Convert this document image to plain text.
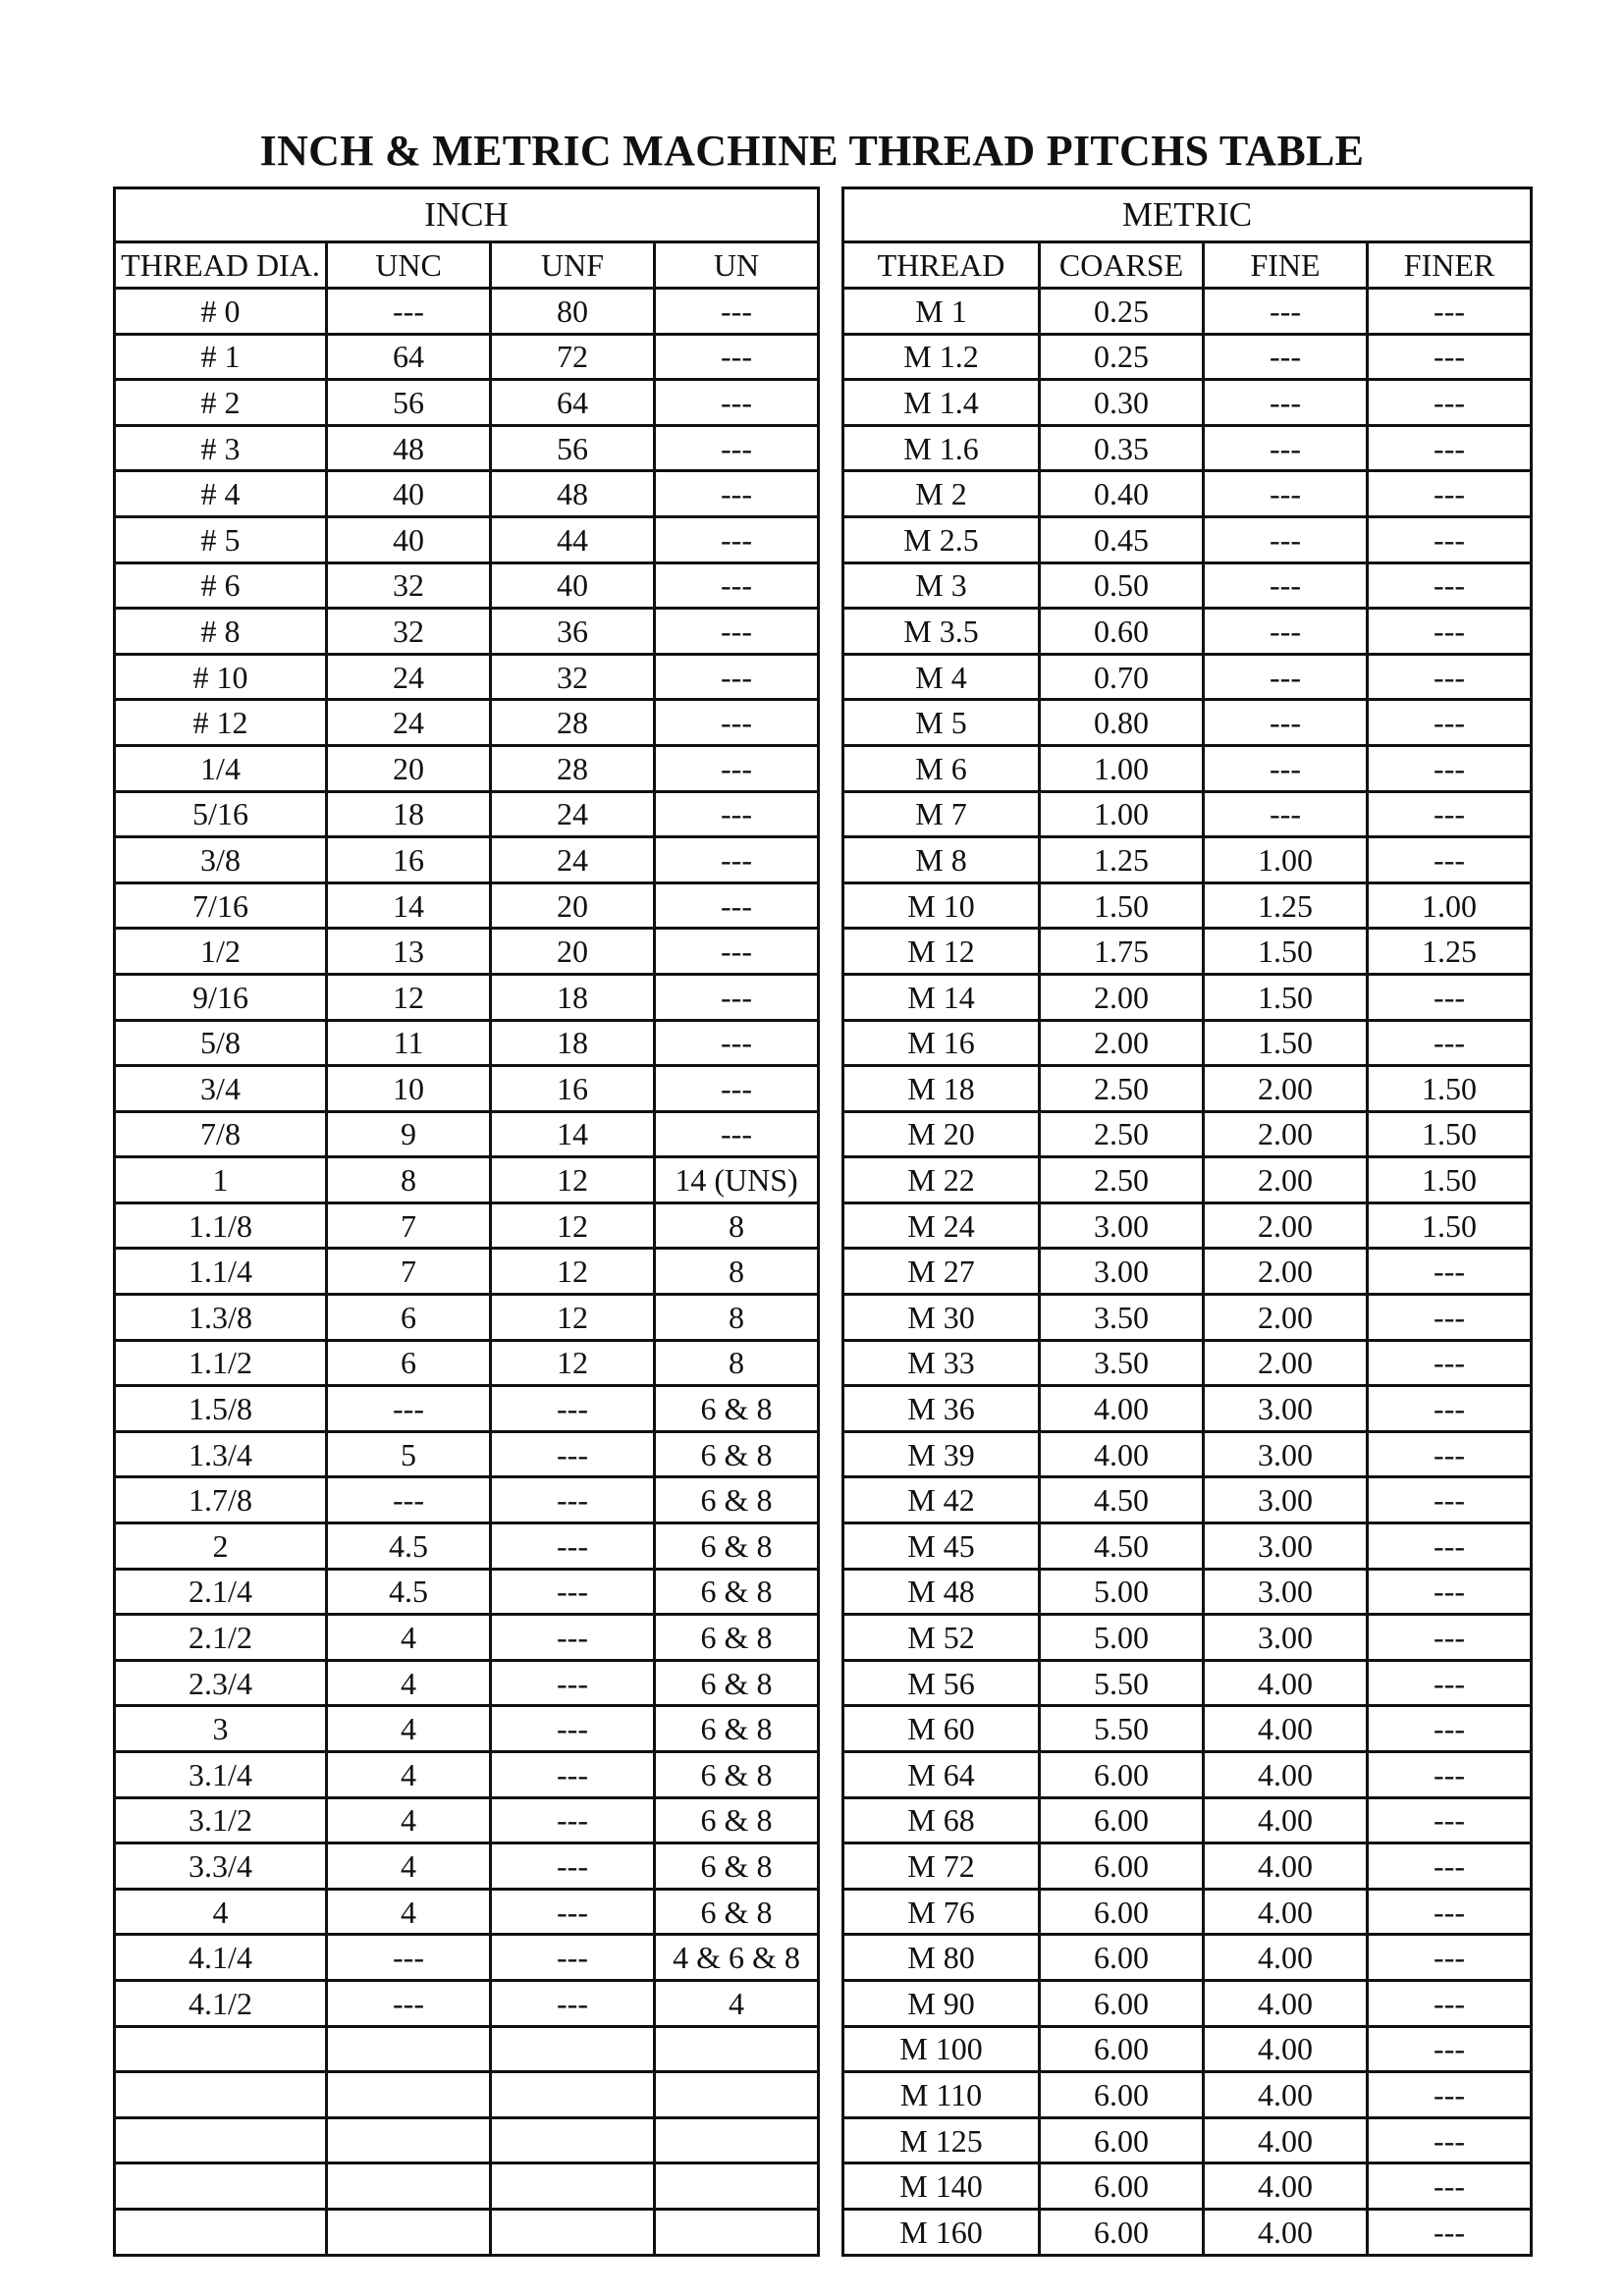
INCH & METRIC MACHINE THREAD PITCHS TABLE
INCH			
THREAD DIA.	UNC	UNF	UN
# 0	---	80	---
# 1	64	72	---
# 2	56	64	---
# 3	48	56	---
# 4	40	48	---
# 5	40	44	---
# 6	32	40	---
# 8	32	36	---
# 10	24	32	---
# 12	24	28	---
1/4	20	28	---
5/16	18	24	---
3/8	16	24	---
7/16	14	20	---
1/2	13	20	---
9/16	12	18	---
5/8	11	18	---
3/4	10	16	---
7/8	9	14	---
1	8	12	14 (UNS)
1.1/8	7	12	8
1.1/4	7	12	8
1.3/8	6	12	8
1.1/2	6	12	8
1.5/8	---	---	6 & 8
1.3/4	5	---	6 & 8
1.7/8	---	---	6 & 8
2	4.5	---	6 & 8
2.1/4	4.5	---	6 & 8
2.1/2	4	---	6 & 8
2.3/4	4	---	6 & 8
3	4	---	6 & 8
3.1/4	4	---	6 & 8
3.1/2	4	---	6 & 8
3.3/4	4	---	6 & 8
4	4	---	6 & 8
4.1/4	---	---	4 & 6 & 8
4.1/2	---	---	4

METRIC			
THREAD	COARSE	FINE	FINER
M 1	0.25	---	---
M 1.2	0.25	---	---
M 1.4	0.30	---	---
M 1.6	0.35	---	---
M 2	0.40	---	---
M 2.5	0.45	---	---
M 3	0.50	---	---
M 3.5	0.60	---	---
M 4	0.70	---	---
M 5	0.80	---	---
M 6	1.00	---	---
M 7	1.00	---	---
M 8	1.25	1.00	---
M 10	1.50	1.25	1.00
M 12	1.75	1.50	1.25
M 14	2.00	1.50	---
M 16	2.00	1.50	---
M 18	2.50	2.00	1.50
M 20	2.50	2.00	1.50
M 22	2.50	2.00	1.50
M 24	3.00	2.00	1.50
M 27	3.00	2.00	---
M 30	3.50	2.00	---
M 33	3.50	2.00	---
M 36	4.00	3.00	---
M 39	4.00	3.00	---
M 42	4.50	3.00	---
M 45	4.50	3.00	---
M 48	5.00	3.00	---
M 52	5.00	3.00	---
M 56	5.50	4.00	---
M 60	5.50	4.00	---
M 64	6.00	4.00	---
M 68	6.00	4.00	---
M 72	6.00	4.00	---
M 76	6.00	4.00	---
M 80	6.00	4.00	---
M 90	6.00	4.00	---
M 100	6.00	4.00	---
M 110	6.00	4.00	---
M 125	6.00	4.00	---
M 140	6.00	4.00	---
M 160	6.00	4.00	---
